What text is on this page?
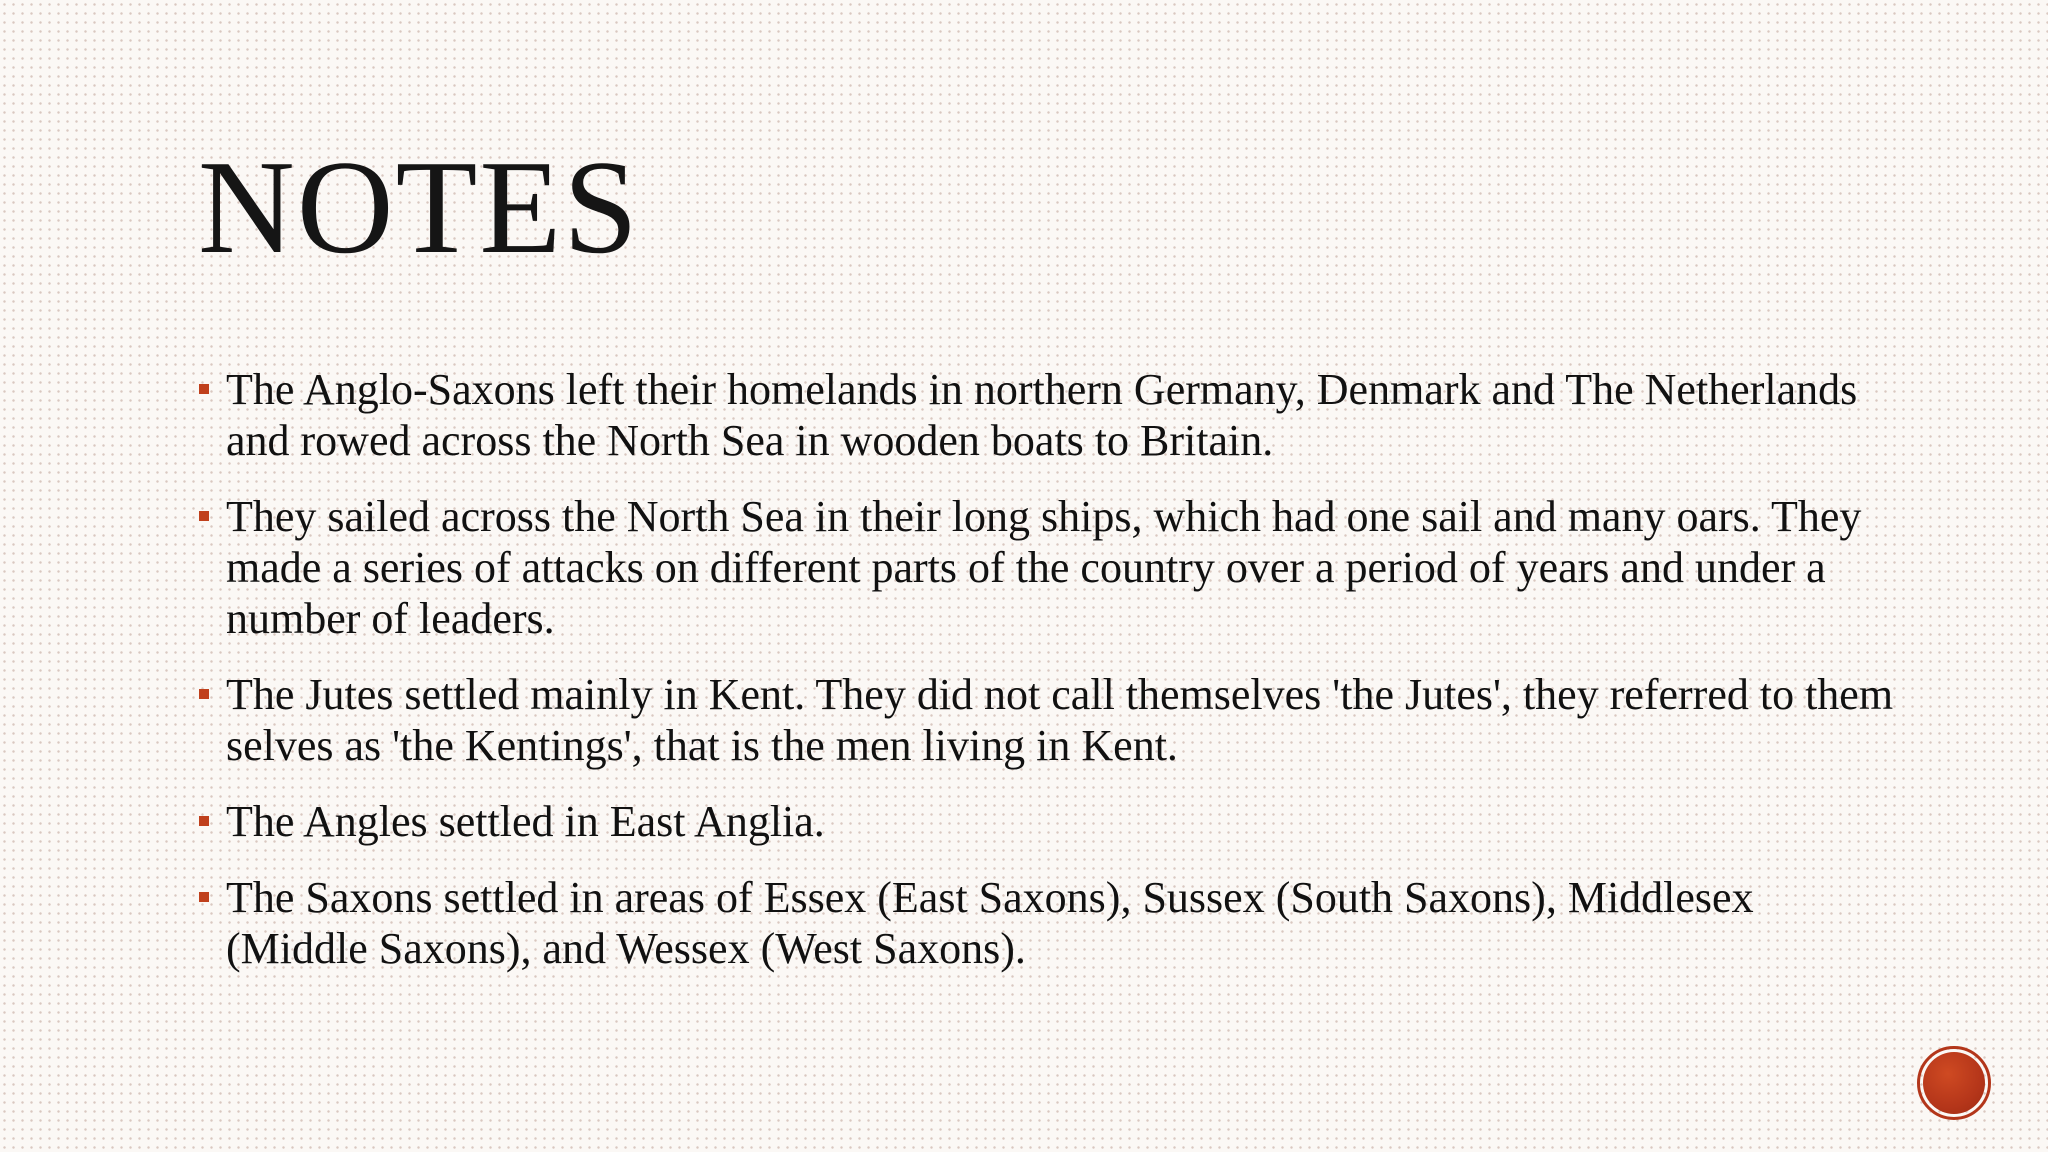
NOTES
The Anglo-Saxons left their homelands in northern Germany, Denmark and The Netherlands and rowed across the North Sea in wooden boats to Britain.
They sailed across the North Sea in their long ships, which had one sail and many oars. They made a series of attacks on different parts of the country over a period of years and under a number of leaders.
The Jutes settled mainly in Kent. They did not call themselves 'the Jutes', they referred to them selves as 'the Kentings', that is the men living in Kent.
The Angles settled in East Anglia.
The Saxons settled in areas of Essex (East Saxons), Sussex (South Saxons), Middlesex (Middle Saxons), and Wessex (West Saxons).
